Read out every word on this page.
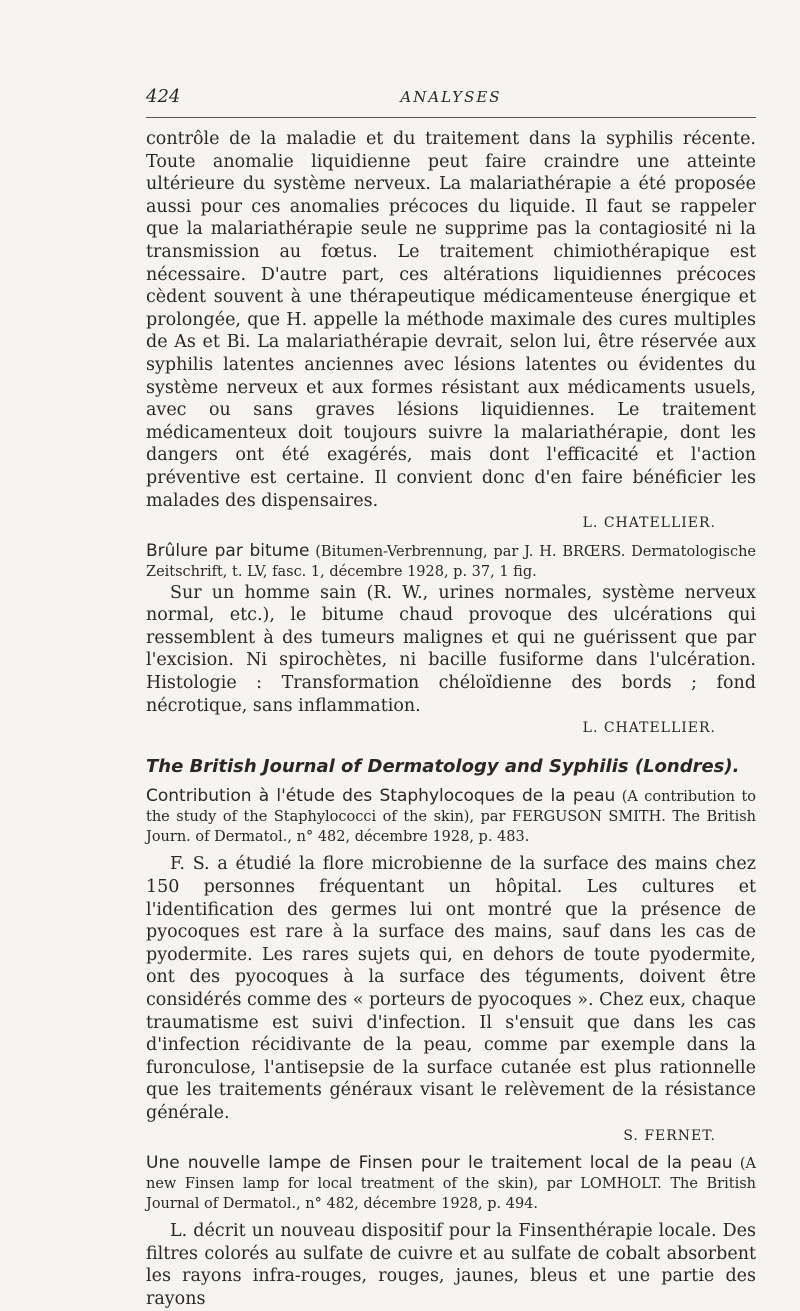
424	ANALYSES

contrôle de la maladie et du traitement dans la syphilis récente. Toute anomalie liquidienne peut faire craindre une atteinte ultérieure du système nerveux. La malariathérapie a été proposée aussi pour ces anomalies précoces du liquide. Il faut se rappeler que la malariathérapie seule ne supprime pas la contagiosité ni la transmission au fœtus. Le traitement chimiothérapique est nécessaire. D'autre part, ces altérations liquidiennes précoces cèdent souvent à une thérapeutique médicamenteuse énergique et prolongée, que H. appelle la méthode maximale des cures multiples de As et Bi. La malariathérapie devrait, selon lui, être réservée aux syphilis latentes anciennes avec lésions latentes ou évidentes du système nerveux et aux formes résistant aux médicaments usuels, avec ou sans graves lésions liquidiennes. Le traitement médicamenteux doit toujours suivre la malariathérapie, dont les dangers ont été exagérés, mais dont l'efficacité et l'action préventive est certaine. Il convient donc d'en faire bénéficier les malades des dispensaires.
L. CHATELLIER.

Brûlure par bitume (Bitumen-Verbrennung, par J. H. BRŒRS. Dermatologische Zeitschrift, t. LV, fasc. 1, décembre 1928, p. 37, 1 fig.

Sur un homme sain (R. W., urines normales, système nerveux normal, etc.), le bitume chaud provoque des ulcérations qui ressemblent à des tumeurs malignes et qui ne guérissent que par l'excision. Ni spirochètes, ni bacille fusiforme dans l'ulcération. Histologie : Transformation chéloïdienne des bords ; fond nécrotique, sans inflammation.
L. CHATELLIER.

The British Journal of Dermatology and Syphilis (Londres).

Contribution à l'étude des Staphylocoques de la peau (A contribution to the study of the Staphylococci of the skin), par FERGUSON SMITH. The British Journ. of Dermatol., n° 482, décembre 1928, p. 483.

F. S. a étudié la flore microbienne de la surface des mains chez 150 personnes fréquentant un hôpital. Les cultures et l'identification des germes lui ont montré que la présence de pyocoques est rare à la surface des mains, sauf dans les cas de pyodermite. Les rares sujets qui, en dehors de toute pyodermite, ont des pyocoques à la surface des téguments, doivent être considérés comme des « porteurs de pyocoques ». Chez eux, chaque traumatisme est suivi d'infection. Il s'ensuit que dans les cas d'infection récidivante de la peau, comme par exemple dans la furonculose, l'antisepsie de la surface cutanée est plus rationnelle que les traitements généraux visant le relèvement de la résistance générale.
S. FERNET.

Une nouvelle lampe de Finsen pour le traitement local de la peau (A new Finsen lamp for local treatment of the skin), par LOMHOLT. The British Journal of Dermatol., n° 482, décembre 1928, p. 494.

L. décrit un nouveau dispositif pour la Finsenthérapie locale. Des filtres colorés au sulfate de cuivre et au sulfate de cobalt absorbent les rayons infra-rouges, rouges, jaunes, bleus et une partie des rayons
